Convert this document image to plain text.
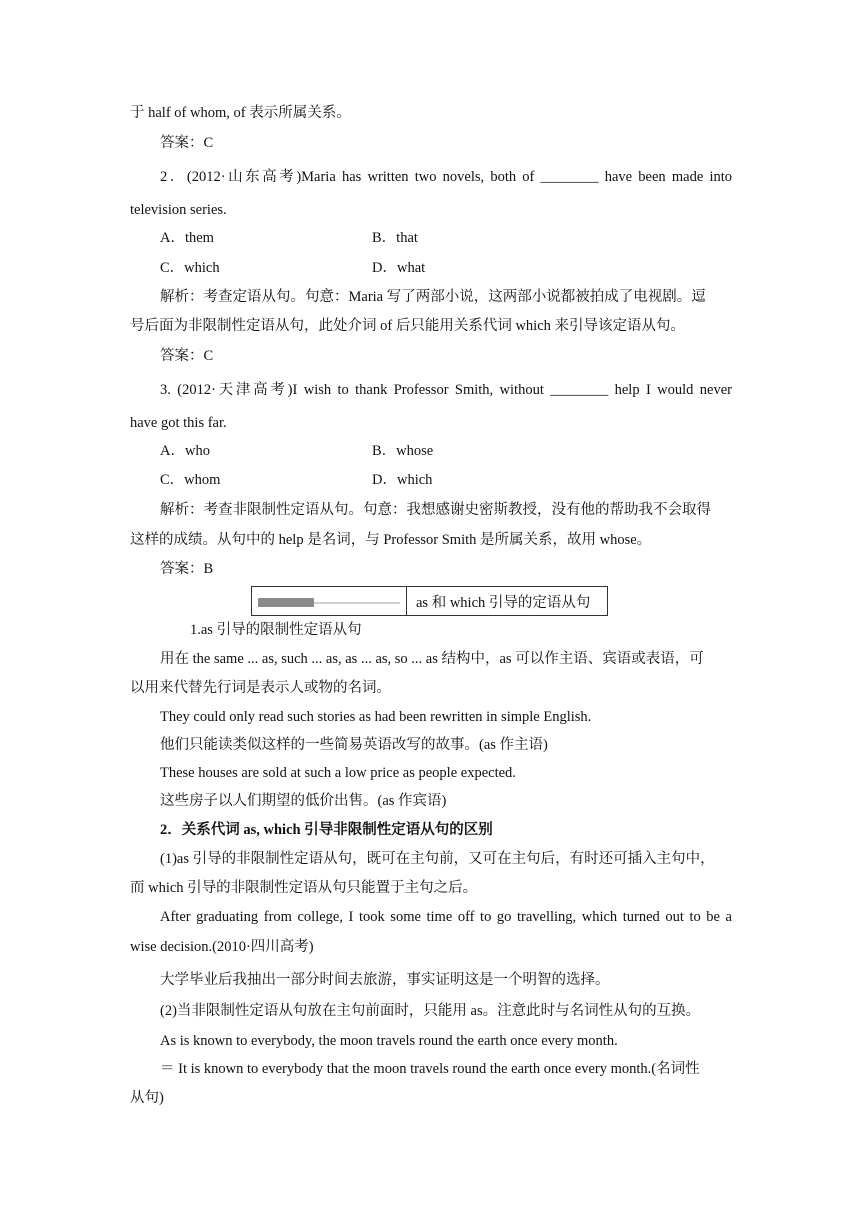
于 half of whom, of 表示所属关系。
答案：C
2．(2012·山东高考)Maria has written two novels, both of ________ have been made into
television series.
A．them	B．that
C．which	D．what
解析：考查定语从句。句意：Maria 写了两部小说，这两部小说都被拍成了电视剧。逗
号后面为非限制性定语从句，此处介词 of 后只能用关系代词 which 来引导该定语从句。
答案：C
3. (2012·天津高考)I wish to thank Professor Smith, without ________ help I would never
have got this far.
A．who	B．whose
C．whom	D．which
解析：考查非限制性定语从句。句意：我想感谢史密斯教授，没有他的帮助我不会取得
这样的成绩。从句中的 help 是名词，与 Professor Smith 是所属关系，故用 whose。
答案：B
as 和 which 引导的定语从句
1.as 引导的限制性定语从句
用在 the same ... as, such ... as, as ... as, so ... as 结构中，as 可以作主语、宾语或表语，可
以用来代替先行词是表示人或物的名词。
They could only read such stories as had been rewritten in simple English.
他们只能读类似这样的一些简易英语改写的故事。(as 作主语)
These houses are sold at such a low price as people expected.
这些房子以人们期望的低价出售。(as 作宾语)
2．关系代词 as, which 引导非限制性定语从句的区别
(1)as 引导的非限制性定语从句，既可在主句前，又可在主句后，有时还可插入主句中，
而 which 引导的非限制性定语从句只能置于主句之后。
After graduating from college, I took some time off to go travelling, which turned out to be a
wise decision.(2010·四川高考)
大学毕业后我抽出一部分时间去旅游，事实证明这是一个明智的选择。
(2)当非限制性定语从句放在主句前面时，只能用 as。注意此时与名词性从句的互换。
As is known to everybody, the moon travels round the earth once every month.
＝ It is known to everybody that the moon travels round the earth once every month.(名词性
从句)
